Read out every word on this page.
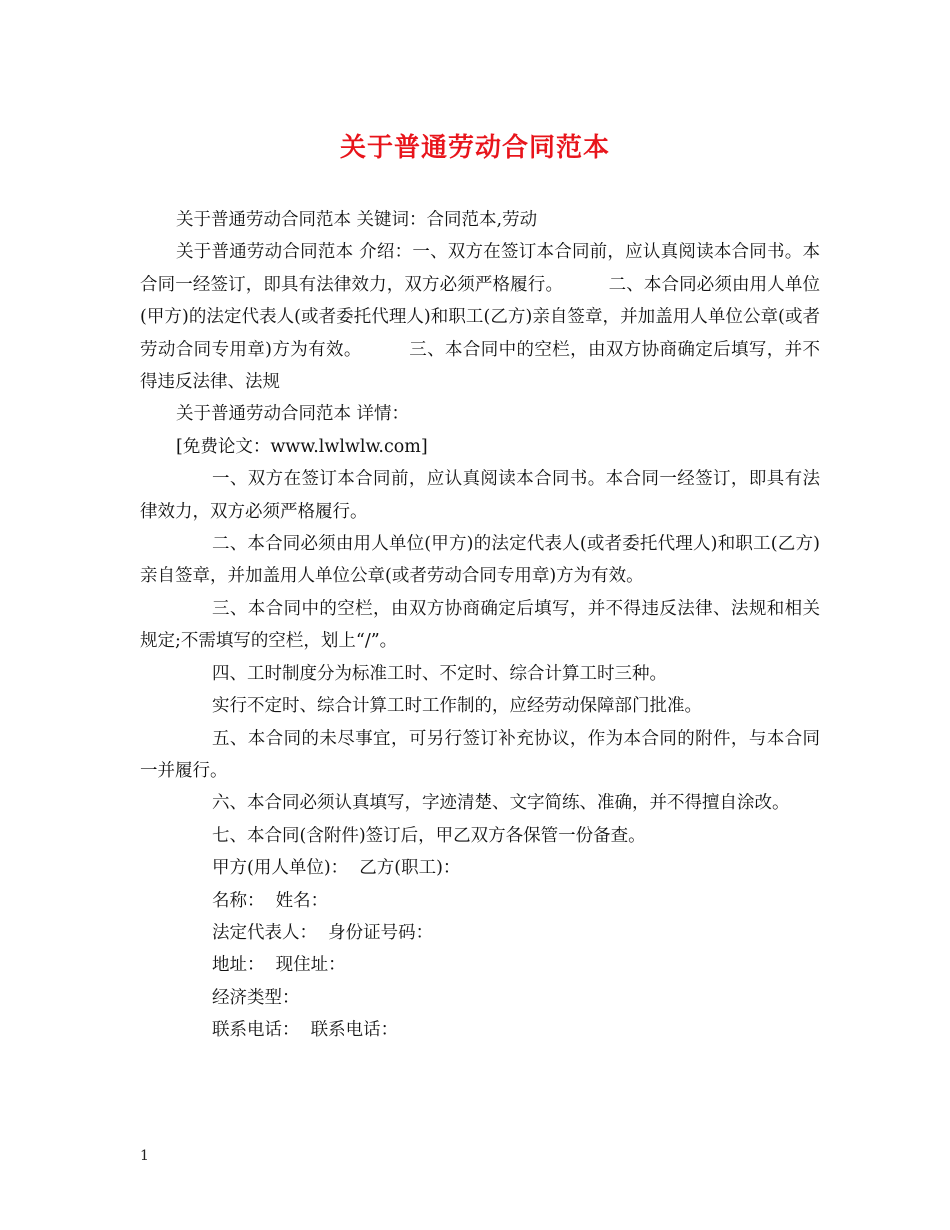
关于普通劳动合同范本

关于普通劳动合同范本 关键词：合同范本,劳动

关于普通劳动合同范本 介绍：一、双方在签订本合同前，应认真阅读本合同书。本合同一经签订，即具有法律效力，双方必须严格履行。        二、本合同必须由用人单位(甲方)的法定代表人(或者委托代理人)和职工(乙方)亲自签章，并加盖用人单位公章(或者劳动合同专用章)方为有效。        三、本合同中的空栏，由双方协商确定后填写，并不得违反法律、法规

关于普通劳动合同范本 详情：

[免费论文：www.lwlwlw.com]

一、双方在签订本合同前，应认真阅读本合同书。本合同一经签订，即具有法律效力，双方必须严格履行。

二、本合同必须由用人单位(甲方)的法定代表人(或者委托代理人)和职工(乙方)亲自签章，并加盖用人单位公章(或者劳动合同专用章)方为有效。

三、本合同中的空栏，由双方协商确定后填写，并不得违反法律、法规和相关规定;不需填写的空栏，划上“/”。

四、工时制度分为标准工时、不定时、综合计算工时三种。

实行不定时、综合计算工时工作制的，应经劳动保障部门批准。

五、本合同的未尽事宜，可另行签订补充协议，作为本合同的附件，与本合同一并履行。

六、本合同必须认真填写，字迹清楚、文字简练、准确，并不得擅自涂改。

七、本合同(含附件)签订后，甲乙双方各保管一份备查。

甲方(用人单位)：  乙方(职工)：

名称：  姓名：

法定代表人：  身份证号码：

地址：  现住址：

经济类型：

联系电话：  联系电话：

1
